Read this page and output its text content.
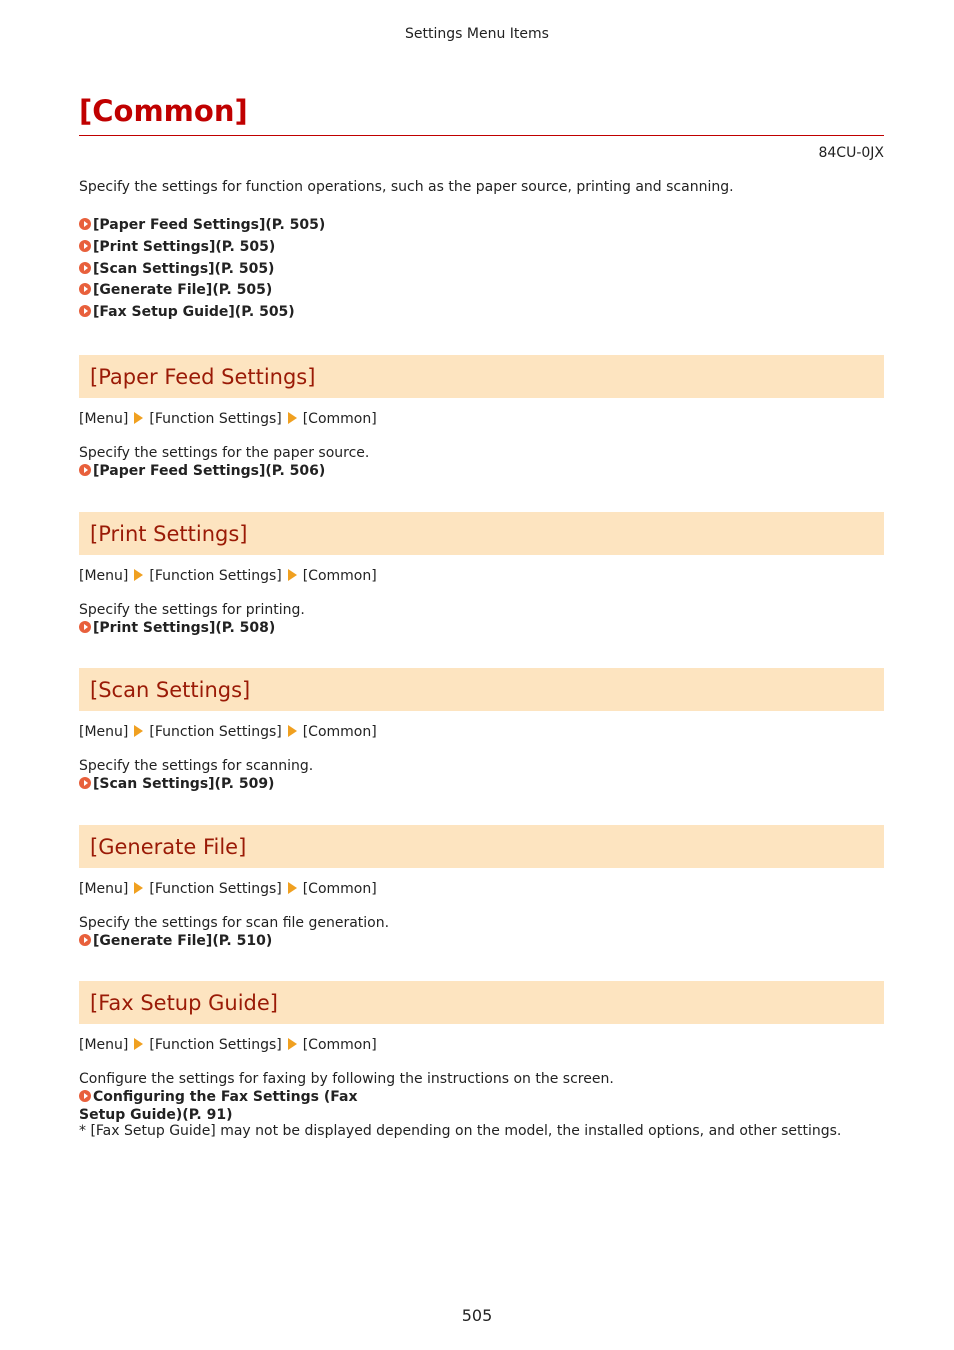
Settings Menu Items
[Common]
84CU-0JX
Specify the settings for function operations, such as the paper source, printing and scanning.
[Paper Feed Settings](P. 505)
[Print Settings](P. 505)
[Scan Settings](P. 505)
[Generate File](P. 505)
[Fax Setup Guide](P. 505)
[Paper Feed Settings]
[Menu] [Function Settings] [Common]
Specify the settings for the paper source.
[Paper Feed Settings](P. 506)
[Print Settings]
[Menu] [Function Settings] [Common]
Specify the settings for printing.
[Print Settings](P. 508)
[Scan Settings]
[Menu] [Function Settings] [Common]
Specify the settings for scanning.
[Scan Settings](P. 509)
[Generate File]
[Menu] [Function Settings] [Common]
Specify the settings for scan file generation.
[Generate File](P. 510)
[Fax Setup Guide]
[Menu] [Function Settings] [Common]
Configure the settings for faxing by following the instructions on the screen. Configuring the Fax Settings (Fax
Setup Guide)(P. 91)
* [Fax Setup Guide] may not be displayed depending on the model, the installed options, and other settings.
505
